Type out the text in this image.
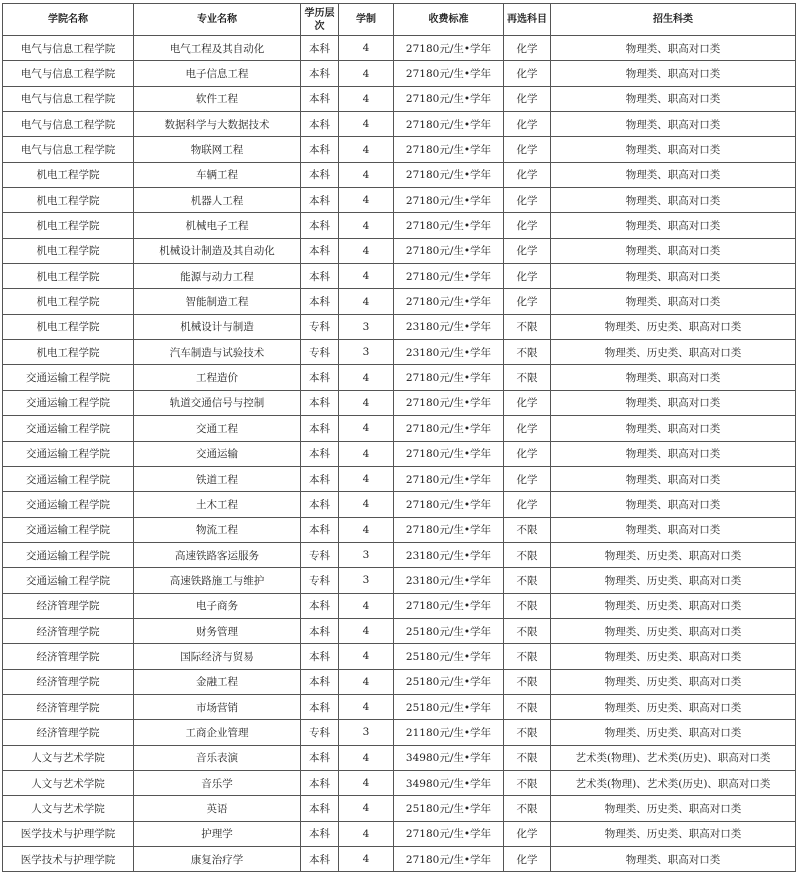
学院名称	专业名称	学历层次	学制	收费标准	再选科目	招生科类
电气与信息工程学院	电气工程及其自动化	本科	4	27180元/生•学年	化学	物理类、职高对口类
电气与信息工程学院	电子信息工程	本科	4	27180元/生•学年	化学	物理类、职高对口类
电气与信息工程学院	软件工程	本科	4	27180元/生•学年	化学	物理类、职高对口类
电气与信息工程学院	数据科学与大数据技术	本科	4	27180元/生•学年	化学	物理类、职高对口类
电气与信息工程学院	物联网工程	本科	4	27180元/生•学年	化学	物理类、职高对口类
机电工程学院	车辆工程	本科	4	27180元/生•学年	化学	物理类、职高对口类
机电工程学院	机器人工程	本科	4	27180元/生•学年	化学	物理类、职高对口类
机电工程学院	机械电子工程	本科	4	27180元/生•学年	化学	物理类、职高对口类
机电工程学院	机械设计制造及其自动化	本科	4	27180元/生•学年	化学	物理类、职高对口类
机电工程学院	能源与动力工程	本科	4	27180元/生•学年	化学	物理类、职高对口类
机电工程学院	智能制造工程	本科	4	27180元/生•学年	化学	物理类、职高对口类
机电工程学院	机械设计与制造	专科	3	23180元/生•学年	不限	物理类、历史类、职高对口类
机电工程学院	汽车制造与试验技术	专科	3	23180元/生•学年	不限	物理类、历史类、职高对口类
交通运输工程学院	工程造价	本科	4	27180元/生•学年	不限	物理类、职高对口类
交通运输工程学院	轨道交通信号与控制	本科	4	27180元/生•学年	化学	物理类、职高对口类
交通运输工程学院	交通工程	本科	4	27180元/生•学年	化学	物理类、职高对口类
交通运输工程学院	交通运输	本科	4	27180元/生•学年	化学	物理类、职高对口类
交通运输工程学院	铁道工程	本科	4	27180元/生•学年	化学	物理类、职高对口类
交通运输工程学院	土木工程	本科	4	27180元/生•学年	化学	物理类、职高对口类
交通运输工程学院	物流工程	本科	4	27180元/生•学年	不限	物理类、职高对口类
交通运输工程学院	高速铁路客运服务	专科	3	23180元/生•学年	不限	物理类、历史类、职高对口类
交通运输工程学院	高速铁路施工与维护	专科	3	23180元/生•学年	不限	物理类、历史类、职高对口类
经济管理学院	电子商务	本科	4	27180元/生•学年	不限	物理类、历史类、职高对口类
经济管理学院	财务管理	本科	4	25180元/生•学年	不限	物理类、历史类、职高对口类
经济管理学院	国际经济与贸易	本科	4	25180元/生•学年	不限	物理类、历史类、职高对口类
经济管理学院	金融工程	本科	4	25180元/生•学年	不限	物理类、历史类、职高对口类
经济管理学院	市场营销	本科	4	25180元/生•学年	不限	物理类、历史类、职高对口类
经济管理学院	工商企业管理	专科	3	21180元/生•学年	不限	物理类、历史类、职高对口类
人文与艺术学院	音乐表演	本科	4	34980元/生•学年	不限	艺术类(物理)、艺术类(历史)、职高对口类
人文与艺术学院	音乐学	本科	4	34980元/生•学年	不限	艺术类(物理)、艺术类(历史)、职高对口类
人文与艺术学院	英语	本科	4	25180元/生•学年	不限	物理类、历史类、职高对口类
医学技术与护理学院	护理学	本科	4	27180元/生•学年	化学	物理类、历史类、职高对口类
医学技术与护理学院	康复治疗学	本科	4	27180元/生•学年	化学	物理类、职高对口类
